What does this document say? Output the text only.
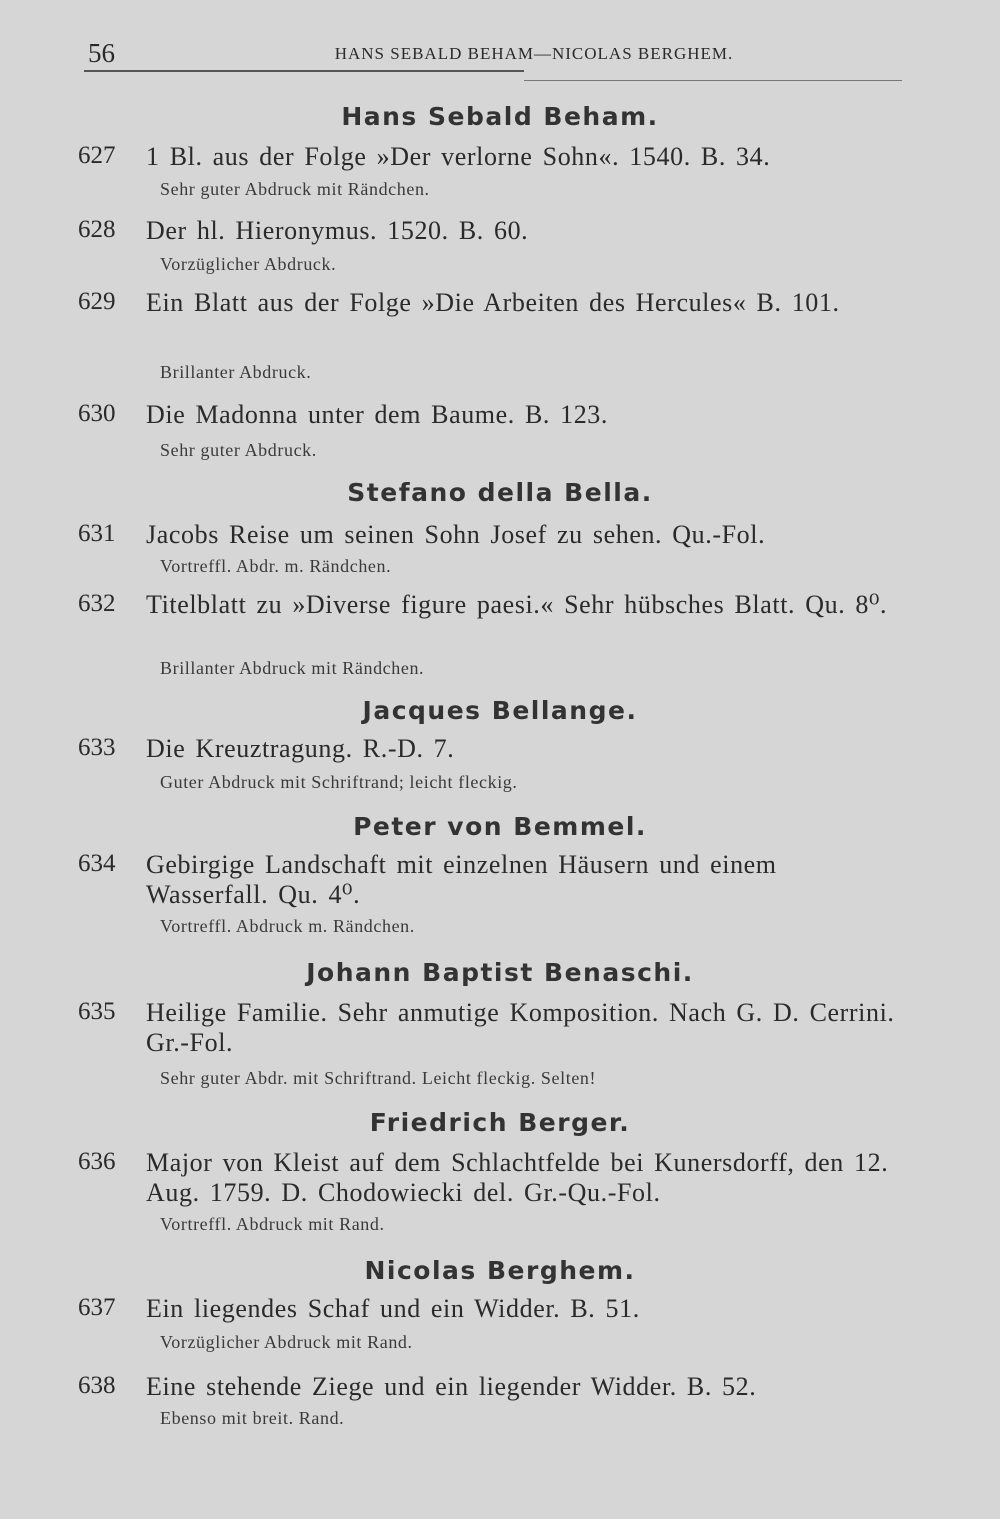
56	HANS SEBALD BEHAM—NICOLAS BERGHEM.
Hans Sebald Beham.
627 1 Bl. aus der Folge »Der verlorne Sohn«. 1540. B. 34.
Sehr guter Abdruck mit Rändchen.
628 Der hl. Hieronymus. 1520. B. 60.
Vorzüglicher Abdruck.
629 Ein Blatt aus der Folge »Die Arbeiten des Hercules« B. 101.
Brillanter Abdruck.
630 Die Madonna unter dem Baume. B. 123.
Sehr guter Abdruck.
Stefano della Bella.
631 Jacobs Reise um seinen Sohn Josef zu sehen. Qu.-Fol.
Vortreffl. Abdr. m. Rändchen.
632 Titelblatt zu »Diverse figure paesi.« Sehr hübsches Blatt. Qu. 8⁰.
Brillanter Abdruck mit Rändchen.
Jacques Bellange.
633 Die Kreuztragung. R.-D. 7.
Guter Abdruck mit Schriftrand; leicht fleckig.
Peter von Bemmel.
634 Gebirgige Landschaft mit einzelnen Häusern und einem Wasserfall. Qu. 4⁰.
Vortreffl. Abdruck m. Rändchen.
Johann Baptist Benaschi.
635 Heilige Familie. Sehr anmutige Komposition. Nach G. D. Cerrini. Gr.-Fol.
Sehr guter Abdr. mit Schriftrand. Leicht fleckig. Selten!
Friedrich Berger.
636 Major von Kleist auf dem Schlachtfelde bei Kunersdorff, den 12. Aug. 1759. D. Chodowiecki del. Gr.-Qu.-Fol.
Vortreffl. Abdruck mit Rand.
Nicolas Berghem.
637 Ein liegendes Schaf und ein Widder. B. 51.
Vorzüglicher Abdruck mit Rand.
638 Eine stehende Ziege und ein liegender Widder. B. 52.
Ebenso mit breit. Rand.
